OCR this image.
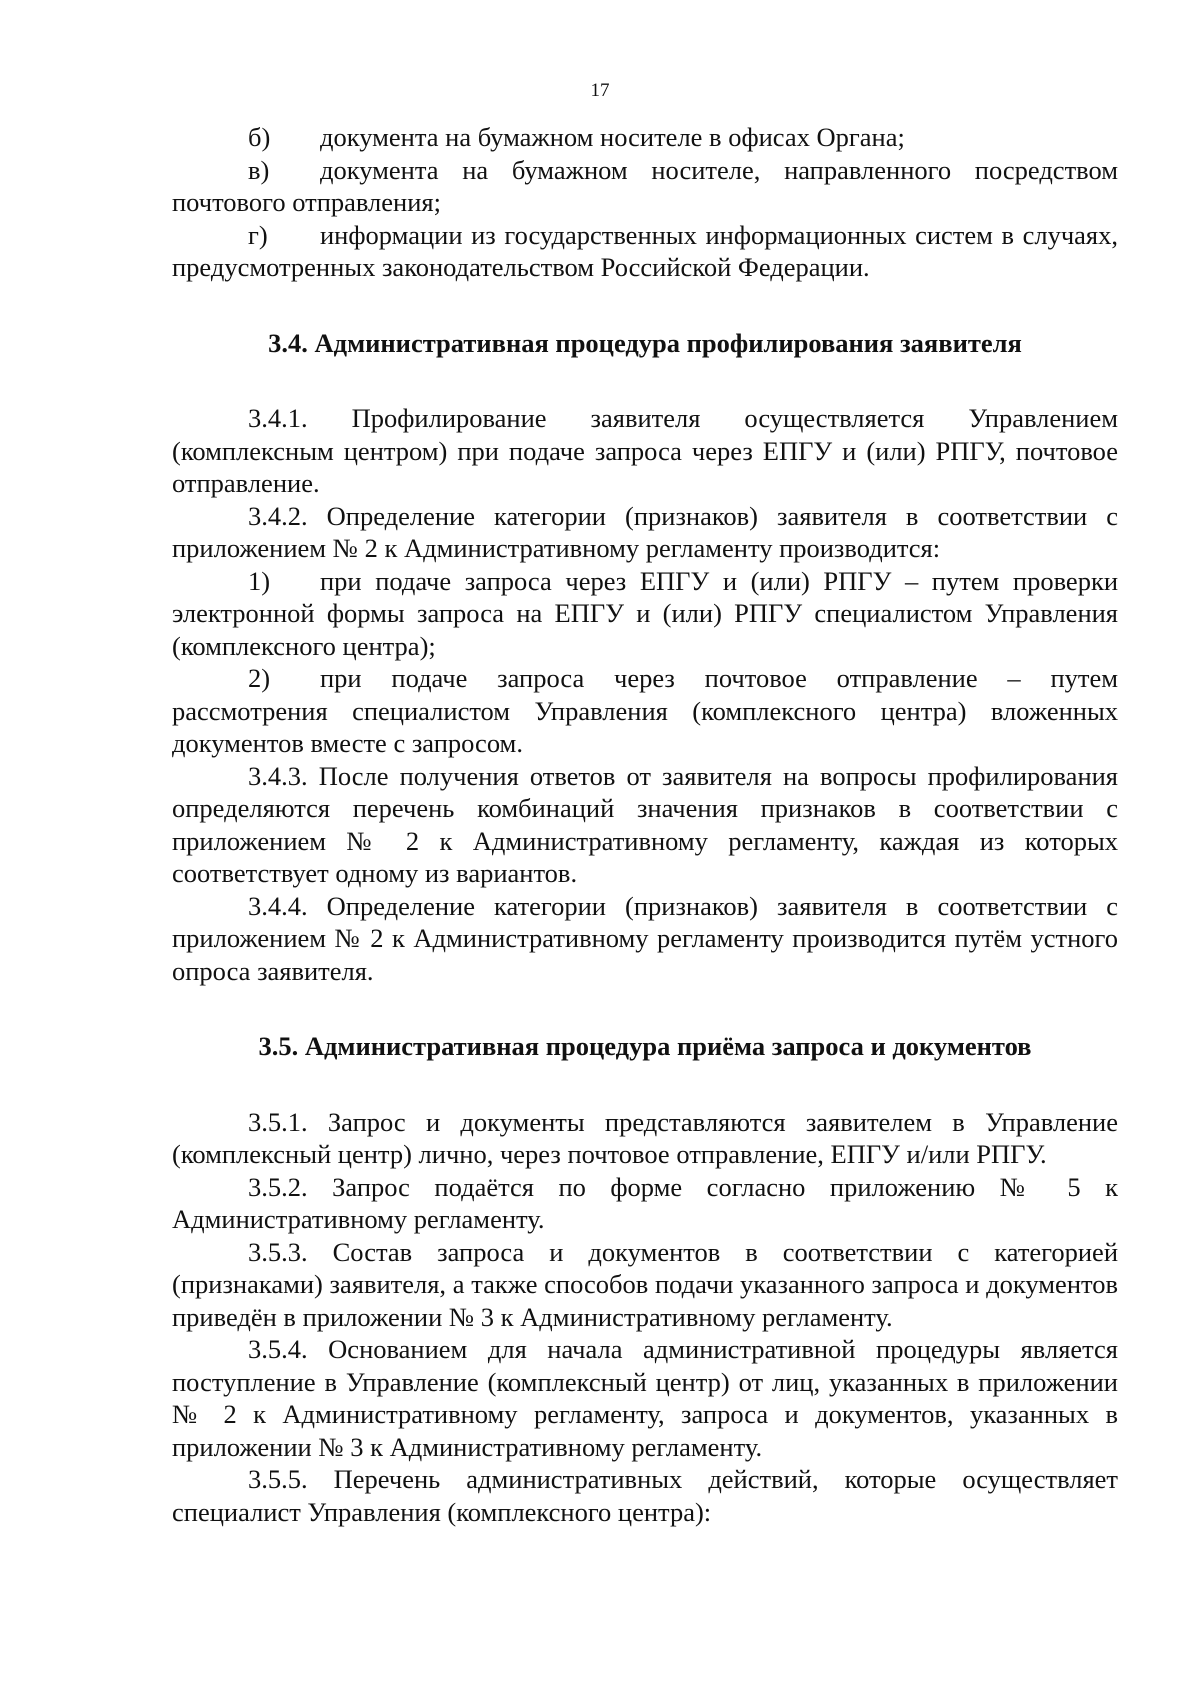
17

б) документа на бумажном носителе в офисах Органа;

в) документа на бумажном носителе, направленного посредством почтового отправления;

г) информации из государственных информационных систем в случаях, предусмотренных законодательством Российской Федерации.

3.4. Административная процедура профилирования заявителя

3.4.1. Профилирование заявителя осуществляется Управлением (комплексным центром) при подаче запроса через ЕПГУ и (или) РПГУ, почтовое отправление.

3.4.2. Определение категории (признаков) заявителя в соответствии с приложением № 2 к Административному регламенту производится:

1) при подаче запроса через ЕПГУ и (или) РПГУ – путем проверки электронной формы запроса на ЕПГУ и (или) РПГУ специалистом Управления (комплексного центра);

2) при подаче запроса через почтовое отправление – путем рассмотрения специалистом Управления (комплексного центра) вложенных документов вместе с запросом.

3.4.3. После получения ответов от заявителя на вопросы профилирования определяются перечень комбинаций значения признаков в соответствии с приложением № 2 к Административному регламенту, каждая из которых соответствует одному из вариантов.

3.4.4. Определение категории (признаков) заявителя в соответствии с приложением № 2 к Административному регламенту производится путём устного опроса заявителя.

3.5. Административная процедура приёма запроса и документов

3.5.1. Запрос и документы представляются заявителем в Управление (комплексный центр) лично, через почтовое отправление, ЕПГУ и/или РПГУ.

3.5.2. Запрос подаётся по форме согласно приложению № 5 к Административному регламенту.

3.5.3. Состав запроса и документов в соответствии с категорией (признаками) заявителя, а также способов подачи указанного запроса и документов приведён в приложении № 3 к Административному регламенту.

3.5.4. Основанием для начала административной процедуры является поступление в Управление (комплексный центр) от лиц, указанных в приложении № 2 к Административному регламенту, запроса и документов, указанных в приложении № 3 к Административному регламенту.

3.5.5. Перечень административных действий, которые осуществляет специалист Управления (комплексного центра):
